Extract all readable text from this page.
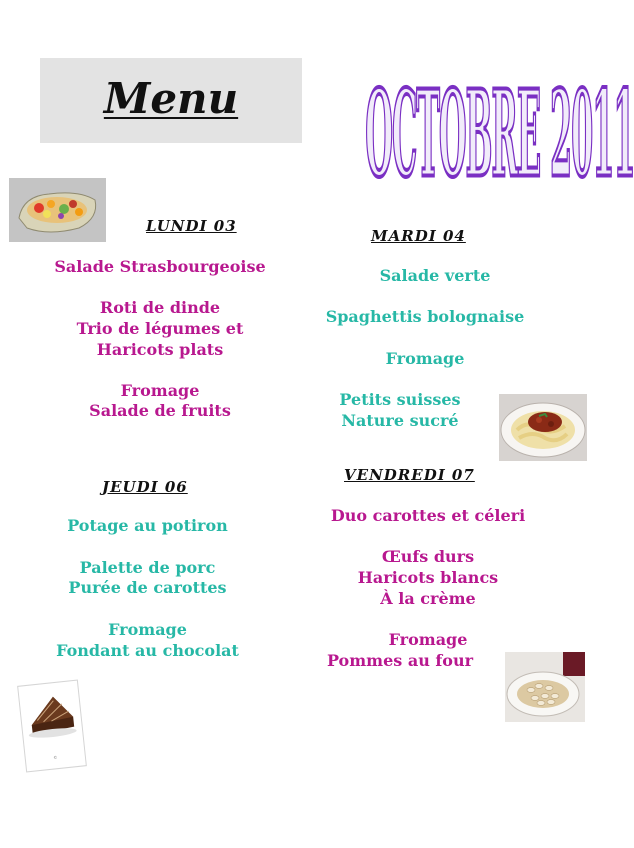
Menu	OCTOBRE 2011
LUNDI 03
Salade Strasbourgeoise
Roti de dinde
Trio de légumes et
Haricots plats
Fromage
Salade de fruits
MARDI 04
Salade verte
Spaghettis bolognaise
Fromage
Petits suisses
Nature sucré
JEUDI 06
Potage au potiron
Palette de porc
Purée de carottes
Fromage
Fondant au chocolat
VENDREDI 07
Duo carottes et céleri
Œufs durs
Haricots blancs
À la crème
Fromage
Pommes au four
©
